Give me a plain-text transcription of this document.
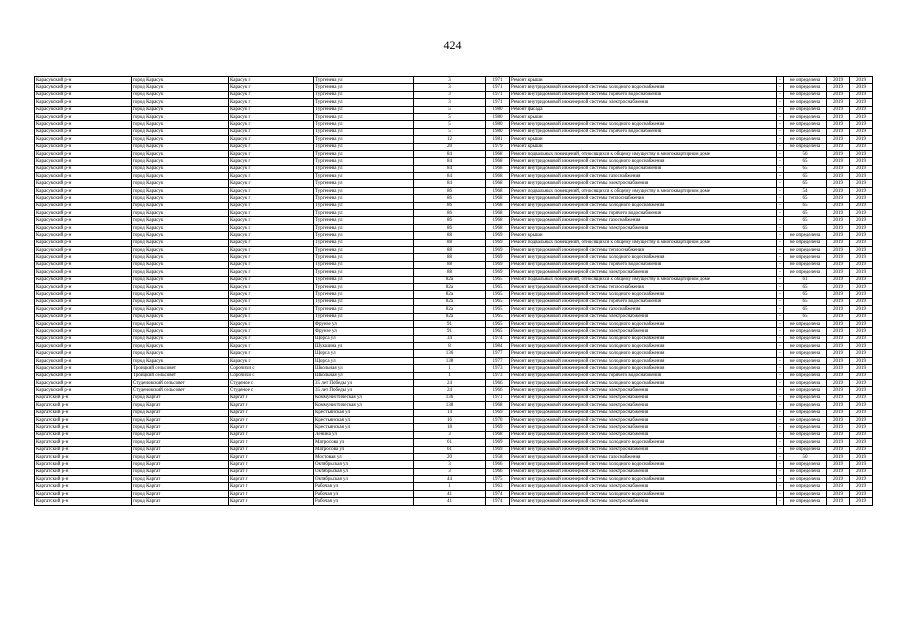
424
Карасукский р-н	город Карасук	Карасук г	Тургенева ул	3	1971	Ремонт крыши	-	не определена	2019	2019
Карасукский р-н	город Карасук	Карасук г	Тургенева ул	3	1971	Ремонт внутридомовой инженерной системы холодного водоснабжения	-	не определена	2019	2019
Карасукский р-н	город Карасук	Карасук г	Тургенева ул	3	1971	Ремонт внутридомовой инженерной системы горячего водоснабжения	-	не определена	2019	2019
Карасукский р-н	город Карасук	Карасук г	Тургенева ул	3	1971	Ремонт внутридомовой инженерной системы электроснабжения	-	не определена	2019	2019
Карасукский р-н	город Карасук	Карасук г	Тургенева ул	5	1980	Ремонт фасада	-	не определена	2019	2019
Карасукский р-н	город Карасук	Карасук г	Тургенева ул	5	1980	Ремонт крыши	-	не определена	2019	2019
Карасукский р-н	город Карасук	Карасук г	Тургенева ул	5	1980	Ремонт внутридомовой инженерной системы холодного водоснабжения	-	не определена	2019	2019
Карасукский р-н	город Карасук	Карасук г	Тургенева ул	5	1980	Ремонт внутридомовой инженерной системы горячего водоснабжения	-	не определена	2019	2019
Карасукский р-н	город Карасук	Карасук г	Тургенева ул	12	1981	Ремонт крыши	-	не определена	2019	2019
Карасукский р-н	город Карасук	Карасук г	Тургенева ул	20	1979	Ремонт крыши	-	не определена	2019	2019
Карасукский р-н	город Карасук	Карасук г	Тургенева ул	84	1968	Ремонт подвальных помещений, относящихся к общему имуществу в многоквартирном доме	-	56	2019	2019
Карасукский р-н	город Карасук	Карасук г	Тургенева ул	84	1968	Ремонт внутридомовой инженерной системы холодного водоснабжения	-	65	2019	2019
Карасукский р-н	город Карасук	Карасук г	Тургенева ул	84	1968	Ремонт внутридомовой инженерной системы горячего водоснабжения	-	65	2019	2019
Карасукский р-н	город Карасук	Карасук г	Тургенева ул	84	1968	Ремонт внутридомовой инженерной системы газоснабжения	-	65	2019	2019
Карасукский р-н	город Карасук	Карасук г	Тургенева ул	84	1968	Ремонт внутридомовой инженерной системы электроснабжения	-	65	2019	2019
Карасукский р-н	город Карасук	Карасук г	Тургенева ул	86	1968	Ремонт подвальных помещений, относящихся к общему имуществу в многоквартирном доме	-	54	2019	2019
Карасукский р-н	город Карасук	Карасук г	Тургенева ул	86	1968	Ремонт внутридомовой инженерной системы теплоснабжения	-	65	2019	2019
Карасукский р-н	город Карасук	Карасук г	Тургенева ул	86	1968	Ремонт внутридомовой инженерной системы холодного водоснабжения	-	65	2019	2019
Карасукский р-н	город Карасук	Карасук г	Тургенева ул	86	1968	Ремонт внутридомовой инженерной системы горячего водоснабжения	-	65	2019	2019
Карасукский р-н	город Карасук	Карасук г	Тургенева ул	86	1968	Ремонт внутридомовой инженерной системы газоснабжения	-	65	2019	2019
Карасукский р-н	город Карасук	Карасук г	Тургенева ул	86	1968	Ремонт внутридомовой инженерной системы электроснабжения	-	65	2019	2019
Карасукский р-н	город Карасук	Карасук г	Тургенева ул	88	1969	Ремонт крыши	-	не определена	2019	2019
Карасукский р-н	город Карасук	Карасук г	Тургенева ул	88	1969	Ремонт подвальных помещений, относящихся к общему имуществу в многоквартирном доме	-	не определена	2019	2019
Карасукский р-н	город Карасук	Карасук г	Тургенева ул	88	1969	Ремонт внутридомовой инженерной системы теплоснабжения	-	не определена	2019	2019
Карасукский р-н	город Карасук	Карасук г	Тургенева ул	88	1969	Ремонт внутридомовой инженерной системы холодного водоснабжения	-	не определена	2019	2019
Карасукский р-н	город Карасук	Карасук г	Тургенева ул	88	1969	Ремонт внутридомовой инженерной системы горячего водоснабжения	-	не определена	2019	2019
Карасукский р-н	город Карасук	Карасук г	Тургенева ул	88	1969	Ремонт внутридомовой инженерной системы электроснабжения	-	не определена	2019	2019
Карасукский р-н	город Карасук	Карасук г	Тургенева ул	82а	1965	Ремонт подвальных помещений, относящихся к общему имуществу в многоквартирном доме	-	61	2019	2019
Карасукский р-н	город Карасук	Карасук г	Тургенева ул	82а	1965	Ремонт внутридомовой инженерной системы теплоснабжения	-	65	2019	2019
Карасукский р-н	город Карасук	Карасук г	Тургенева ул	82а	1965	Ремонт внутридомовой инженерной системы холодного водоснабжения	-	65	2019	2019
Карасукский р-н	город Карасук	Карасук г	Тургенева ул	82а	1965	Ремонт внутридомовой инженерной системы горячего водоснабжения	-	65	2019	2019
Карасукский р-н	город Карасук	Карасук г	Тургенева ул	82а	1965	Ремонт внутридомовой инженерной системы газоснабжения	-	65	2019	2019
Карасукский р-н	город Карасук	Карасук г	Тургенева ул	82а	1965	Ремонт внутридомовой инженерной системы электроснабжения	-	65	2019	2019
Карасукский р-н	город Карасук	Карасук г	Фрунзе ул	91	1965	Ремонт внутридомовой инженерной системы холодного водоснабжения	-	не определена	2019	2019
Карасукский р-н	город Карасук	Карасук г	Фрунзе ул	91	1965	Ремонт внутридомовой инженерной системы электроснабжения	-	не определена	2019	2019
Карасукский р-н	город Карасук	Карасук г	Щорса ул	34	1974	Ремонт внутридомовой инженерной системы холодного водоснабжения	-	не определена	2019	2019
Карасукский р-н	город Карасук	Карасук г	Шукшина ул	8	1984	Ремонт внутридомовой инженерной системы холодного водоснабжения	-	не определена	2019	2019
Карасукский р-н	город Карасук	Карасук г	Щорса ул	136	1977	Ремонт внутридомовой инженерной системы холодного водоснабжения	-	не определена	2019	2019
Карасукский р-н	город Карасук	Карасук г	Щорса ул	138	1977	Ремонт внутридомовой инженерной системы холодного водоснабжения	-	не определена	2019	2019
Карасукский р-н	Троицкий сельсовет	Сорочихи с	Школьная ул	1	1973	Ремонт внутридомовой инженерной системы холодного водоснабжения	-	не определена	2019	2019
Карасукский р-н	Троицкий сельсовет	Сорочихи с	Школьная ул	1	1973	Ремонт внутридомовой инженерной системы горячего водоснабжения	-	не определена	2019	2019
Карасукский р-н	Студеновский сельсовет	Студеное с	35 лет Победы ул	24	1966	Ремонт внутридомовой инженерной системы холодного водоснабжения	-	не определена	2019	2019
Карасукский р-н	Студеновский сельсовет	Студеное с	35 лет Победы ул	24	1966	Ремонт внутридомовой инженерной системы электроснабжения	-	не определена	2019	2019
Каргатский р-н	город Каргат	Каргат г	Коммунистическая ул	136	1971	Ремонт внутридомовой инженерной системы электроснабжения	-	не определена	2019	2019
Каргатский р-н	город Каргат	Каргат г	Коммунистическая ул	138	1968	Ремонт внутридомовой инженерной системы электроснабжения	-	не определена	2019	2019
Каргатский р-н	город Каргат	Каргат г	Крестьянская ул	14	1969	Ремонт внутридомовой инженерной системы электроснабжения	-	не определена	2019	2019
Каргатский р-н	город Каргат	Каргат г	Крестьянская ул	16	1970	Ремонт внутридомовой инженерной системы электроснабжения	-	не определена	2019	2019
Каргатский р-н	город Каргат	Каргат г	Крестьянская ул	18	1969	Ремонт внутридомовой инженерной системы электроснабжения	-	не определена	2019	2019
Каргатский р-н	город Каргат	Каргат г	Ленина ул	3	1968	Ремонт внутридомовой инженерной системы электроснабжения	-	не определена	2019	2019
Каргатский р-н	город Каргат	Каргат г	Матросова ул	61	1969	Ремонт внутридомовой инженерной системы холодного водоснабжения	-	не определена	2019	2019
Каргатский р-н	город Каргат	Каргат г	Матросова ул	61	1969	Ремонт внутридомовой инженерной системы электроснабжения	-	не определена	2019	2019
Каргатский р-н	город Каргат	Каргат г	Мостовая ул	20	1958	Ремонт внутридомовой инженерной системы газоснабжения	-	50	2019	2019
Каргатский р-н	город Каргат	Каргат г	Октябрьская ул	3	1966	Ремонт внутридомовой инженерной системы холодного водоснабжения	-	не определена	2019	2019
Каргатский р-н	город Каргат	Каргат г	Октябрьская ул	3	1966	Ремонт внутридомовой инженерной системы электроснабжения	-	не определена	2019	2019
Каргатский р-н	город Каргат	Каргат г	Октябрьская ул	44	1975	Ремонт внутридомовой инженерной системы холодного водоснабжения	-	не определена	2019	2019
Каргатский р-н	город Каргат	Каргат г	Рабочая ул	1	1963	Ремонт внутридомовой инженерной системы электроснабжения	-	не определена	2019	2019
Каргатский р-н	город Каргат	Каргат г	Рабочая ул	41	1974	Ремонт внутридомовой инженерной системы холодного водоснабжения	-	не определена	2019	2019
Каргатский р-н	город Каргат	Каргат г	Рабочая ул	41	1974	Ремонт внутридомовой инженерной системы электроснабжения	-	не определена	2019	2019
